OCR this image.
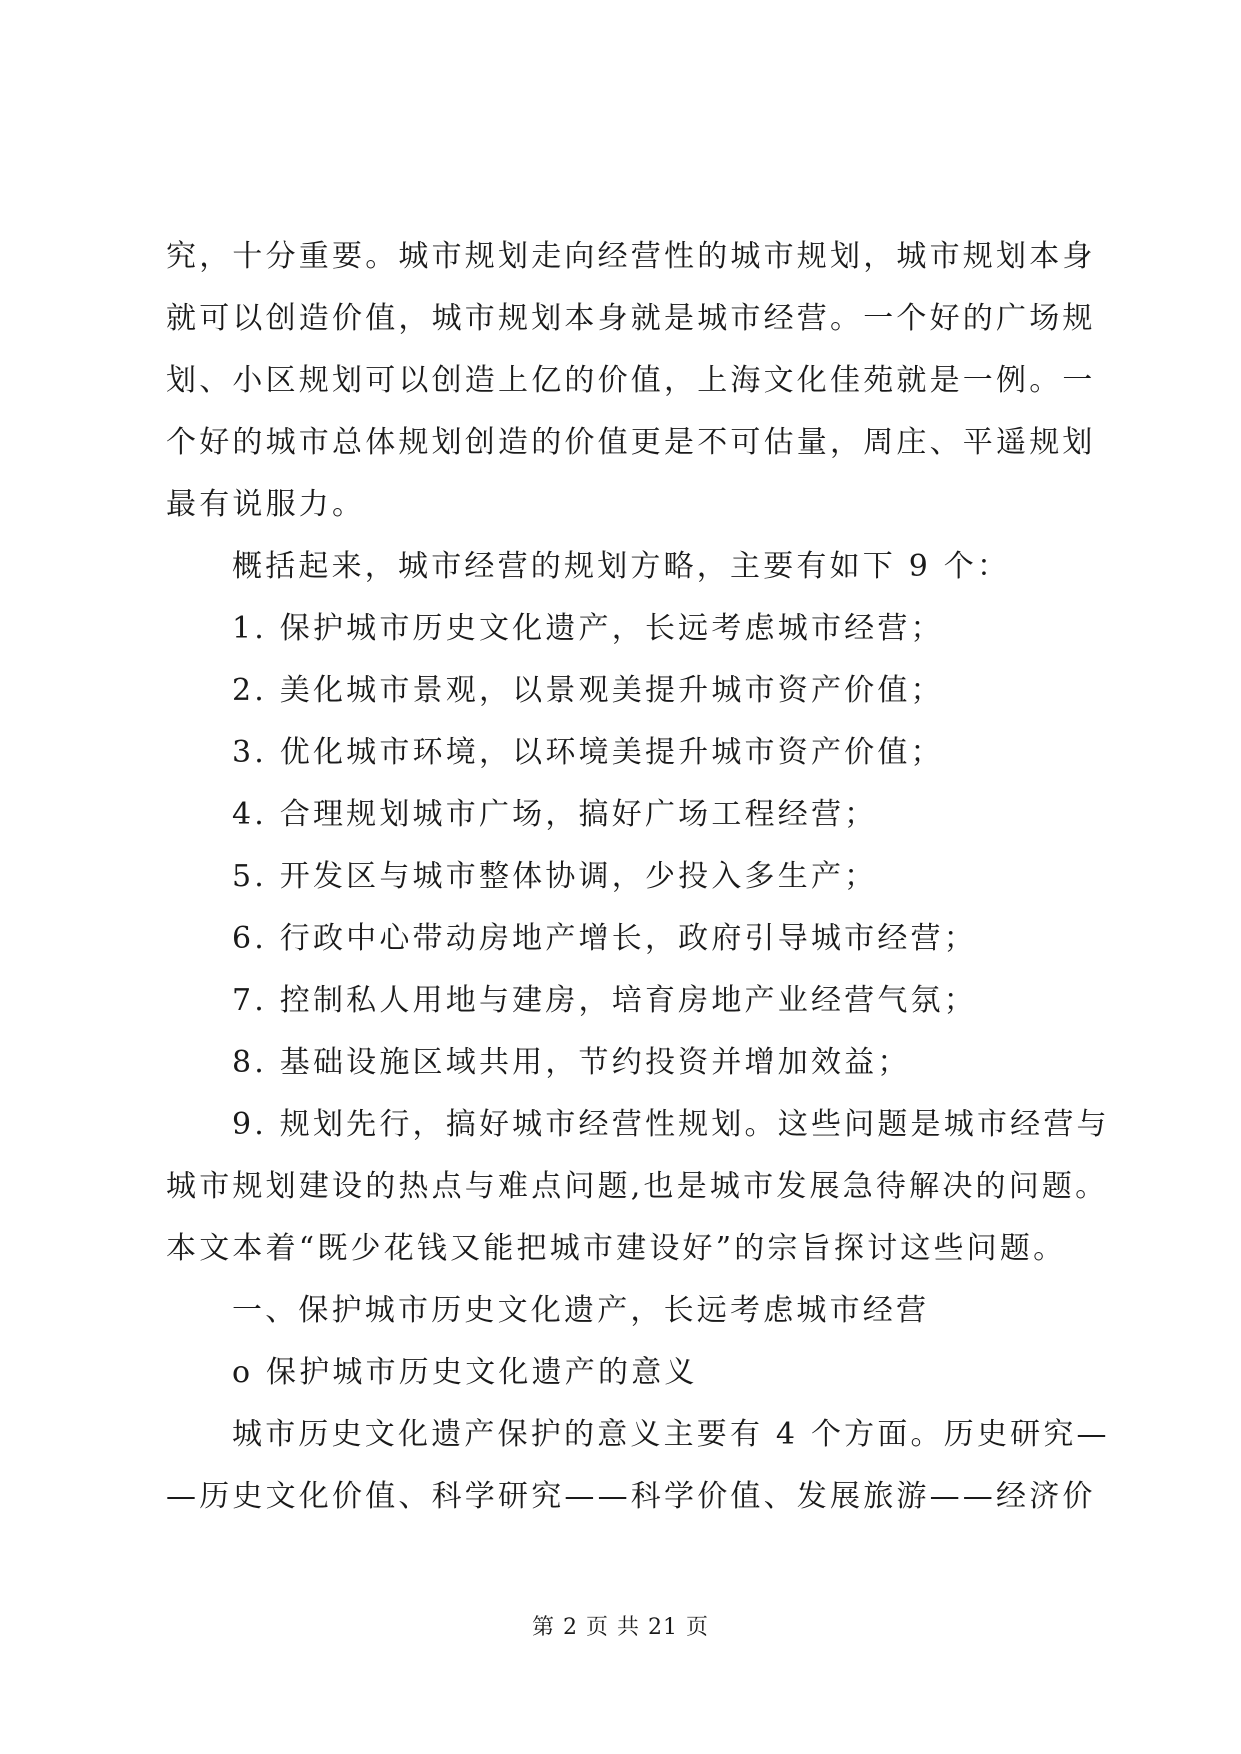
究，十分重要。城市规划走向经营性的城市规划，城市规划本身
就可以创造价值，城市规划本身就是城市经营。一个好的广场规
划、小区规划可以创造上亿的价值，上海文化佳苑就是一例。一
个好的城市总体规划创造的价值更是不可估量，周庄、平遥规划
最有说服力。
概括起来，城市经营的规划方略，主要有如下 9 个：
1. 保护城市历史文化遗产，长远考虑城市经营；
2. 美化城市景观，以景观美提升城市资产价值；
3. 优化城市环境，以环境美提升城市资产价值；
4. 合理规划城市广场，搞好广场工程经营；
5. 开发区与城市整体协调，少投入多生产；
6. 行政中心带动房地产增长，政府引导城市经营；
7. 控制私人用地与建房，培育房地产业经营气氛；
8. 基础设施区域共用，节约投资并增加效益；
9. 规划先行，搞好城市经营性规划。这些问题是城市经营与
城市规划建设的热点与难点问题,也是城市发展急待解决的问题。
本文本着“既少花钱又能把城市建设好”的宗旨探讨这些问题。
一、保护城市历史文化遗产，长远考虑城市经营
o 保护城市历史文化遗产的意义
城市历史文化遗产保护的意义主要有 4 个方面。历史研究—
—历史文化价值、科学研究——科学价值、发展旅游——经济价
第 2 页 共 21 页
